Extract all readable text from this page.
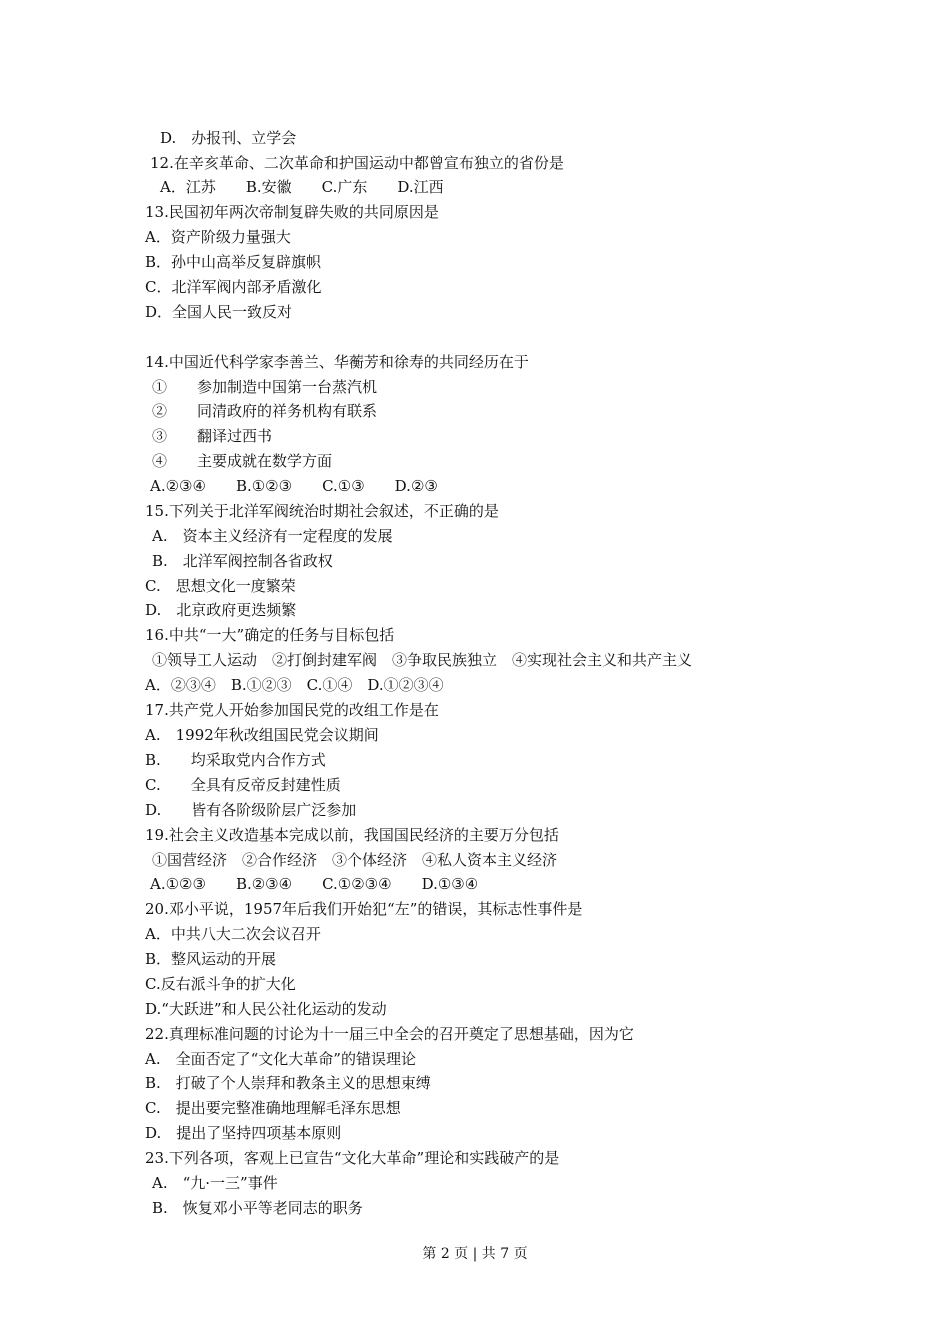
D.　办报刊、立学会
12.在辛亥革命、二次革命和护国运动中都曾宣布独立的省份是
A．江苏　　B.安徽　　C.广东　　D.江西
13.民国初年两次帝制复辟失败的共同原因是
A．资产阶级力量强大
B．孙中山高举反复辟旗帜
C．北洋军阀内部矛盾激化
D．全国人民一致反对
14.中国近代科学家李善兰、华蘅芳和徐寿的共同经历在于
①　　参加制造中国第一台蒸汽机
②　　同清政府的祥务机构有联系
③　　翻译过西书
④　　主要成就在数学方面
A.②③④　　B.①②③　　C.①③　　D.②③
15.下列关于北洋军阀统治时期社会叙述，不正确的是
A.　资本主义经济有一定程度的发展
B.　北洋军阀控制各省政权
C.　思想文化一度繁荣
D.　北京政府更迭频繁
16.中共“一大”确定的任务与目标包括
①领导工人运动　②打倒封建军阀　③争取民族独立　④实现社会主义和共产主义
A．②③④　B.①②③　C.①④　D.①②③④
17.共产党人开始参加国民党的改组工作是在
A.　1992年秋改组国民党会议期间
B.　　均采取党内合作方式
C.　　全具有反帝反封建性质
D.　　皆有各阶级阶层广泛参加
19.社会主义改造基本完成以前，我国国民经济的主要万分包括
①国营经济　②合作经济　③个体经济　④私人资本主义经济
A.①②③　　B.②③④　　C.①②③④　　D.①③④
20.邓小平说，1957年后我们开始犯“左”的错误，其标志性事件是
A．中共八大二次会议召开
B．整风运动的开展
C.反右派斗争的扩大化
D.“大跃进”和人民公社化运动的发动
22.真理标准问题的讨论为十一届三中全会的召开奠定了思想基础，因为它
A.　全面否定了“文化大革命”的错误理论
B.　打破了个人崇拜和教条主义的思想束缚
C.　提出要完整准确地理解毛泽东思想
D.　提出了坚持四项基本原则
23.下列各项，客观上已宣告“文化大革命”理论和实践破产的是
A.　“九·一三”事件
B.　恢复邓小平等老同志的职务
第 2 页 | 共 7 页
